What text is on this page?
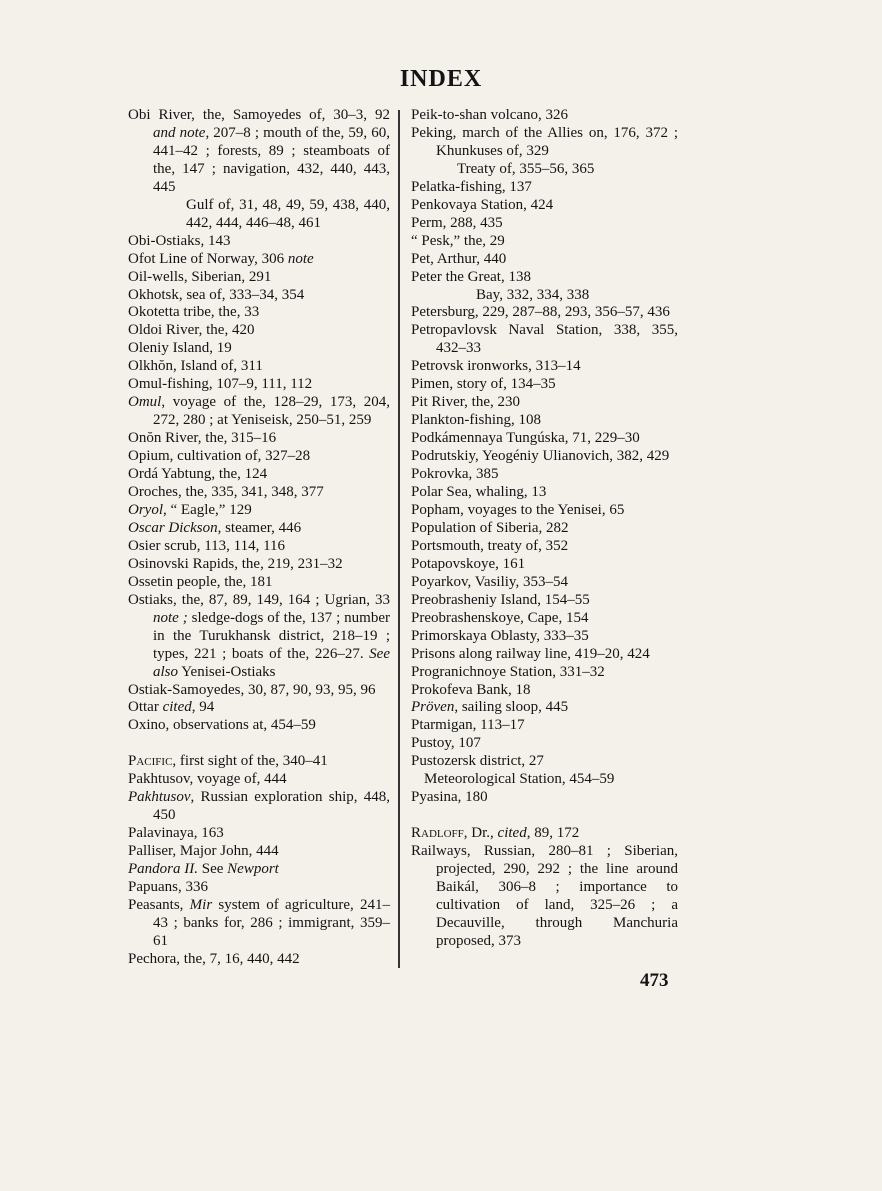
INDEX
Obi River, the, Samoyedes of, 30–3, 92 and note, 207–8 ; mouth of the, 59, 60, 441–42 ; forests, 89 ; steamboats of the, 147 ; navigation, 432, 440, 443, 445
Gulf of, 31, 48, 49, 59, 438, 440, 442, 444, 446–48, 461
Obi-Ostiaks, 143
Ofot Line of Norway, 306 note
Oil-wells, Siberian, 291
Okhotsk, sea of, 333–34, 354
Okotetta tribe, the, 33
Oldoi River, the, 420
Oleniy Island, 19
Olkhŏn, Island of, 311
Omul-fishing, 107–9, 111, 112
Omul, voyage of the, 128–29, 173, 204, 272, 280 ; at Yeniseisk, 250–51, 259
Onŏn River, the, 315–16
Opium, cultivation of, 327–28
Ordá Yabtung, the, 124
Oroches, the, 335, 341, 348, 377
Oryol, “ Eagle,” 129
Oscar Dickson, steamer, 446
Osier scrub, 113, 114, 116
Osinovski Rapids, the, 219, 231–32
Ossetin people, the, 181
Ostiaks, the, 87, 89, 149, 164 ; Ugrian, 33 note ; sledge-dogs of the, 137 ; number in the Turukhansk district, 218–19 ; types, 221 ; boats of the, 226–27. See also Yenisei-Ostiaks
Ostiak-Samoyedes, 30, 87, 90, 93, 95, 96
Ottar cited, 94
Oxino, observations at, 454–59
Pacific, first sight of the, 340–41
Pakhtusov, voyage of, 444
Pakhtusov, Russian exploration ship, 448, 450
Palavinaya, 163
Palliser, Major John, 444
Pandora II. See Newport
Papuans, 336
Peasants, Mir system of agriculture, 241–43 ; banks for, 286 ; immigrant, 359–61
Pechora, the, 7, 16, 440, 442
Peik-to-shan volcano, 326
Peking, march of the Allies on, 176, 372 ; Khunkuses of, 329
Treaty of, 355–56, 365
Pelatka-fishing, 137
Penkovaya Station, 424
Perm, 288, 435
“ Pesk,” the, 29
Pet, Arthur, 440
Peter the Great, 138
Bay, 332, 334, 338
Petersburg, 229, 287–88, 293, 356–57, 436
Petropavlovsk Naval Station, 338, 355, 432–33
Petrovsk ironworks, 313–14
Pimen, story of, 134–35
Pit River, the, 230
Plankton-fishing, 108
Podkámennaya Tungúska, 71, 229–30
Podrutskiy, Yeogéniy Ulianovich, 382, 429
Pokrovka, 385
Polar Sea, whaling, 13
Popham, voyages to the Yenisei, 65
Population of Siberia, 282
Portsmouth, treaty of, 352
Potapovskoye, 161
Poyarkov, Vasiliy, 353–54
Preobrasheniy Island, 154–55
Preobrashenskoye, Cape, 154
Primorskaya Oblasty, 333–35
Prisons along railway line, 419–20, 424
Progranichnoye Station, 331–32
Prokofeva Bank, 18
Pröven, sailing sloop, 445
Ptarmigan, 113–17
Pustoy, 107
Pustozersk district, 27
Meteorological Station, 454–59
Pyasina, 180
Radloff, Dr., cited, 89, 172
Railways, Russian, 280–81 ; Siberian, projected, 290, 292 ; the line around Baikál, 306–8 ; importance to cultivation of land, 325–26 ; a Decauville, through Manchuria proposed, 373
473
